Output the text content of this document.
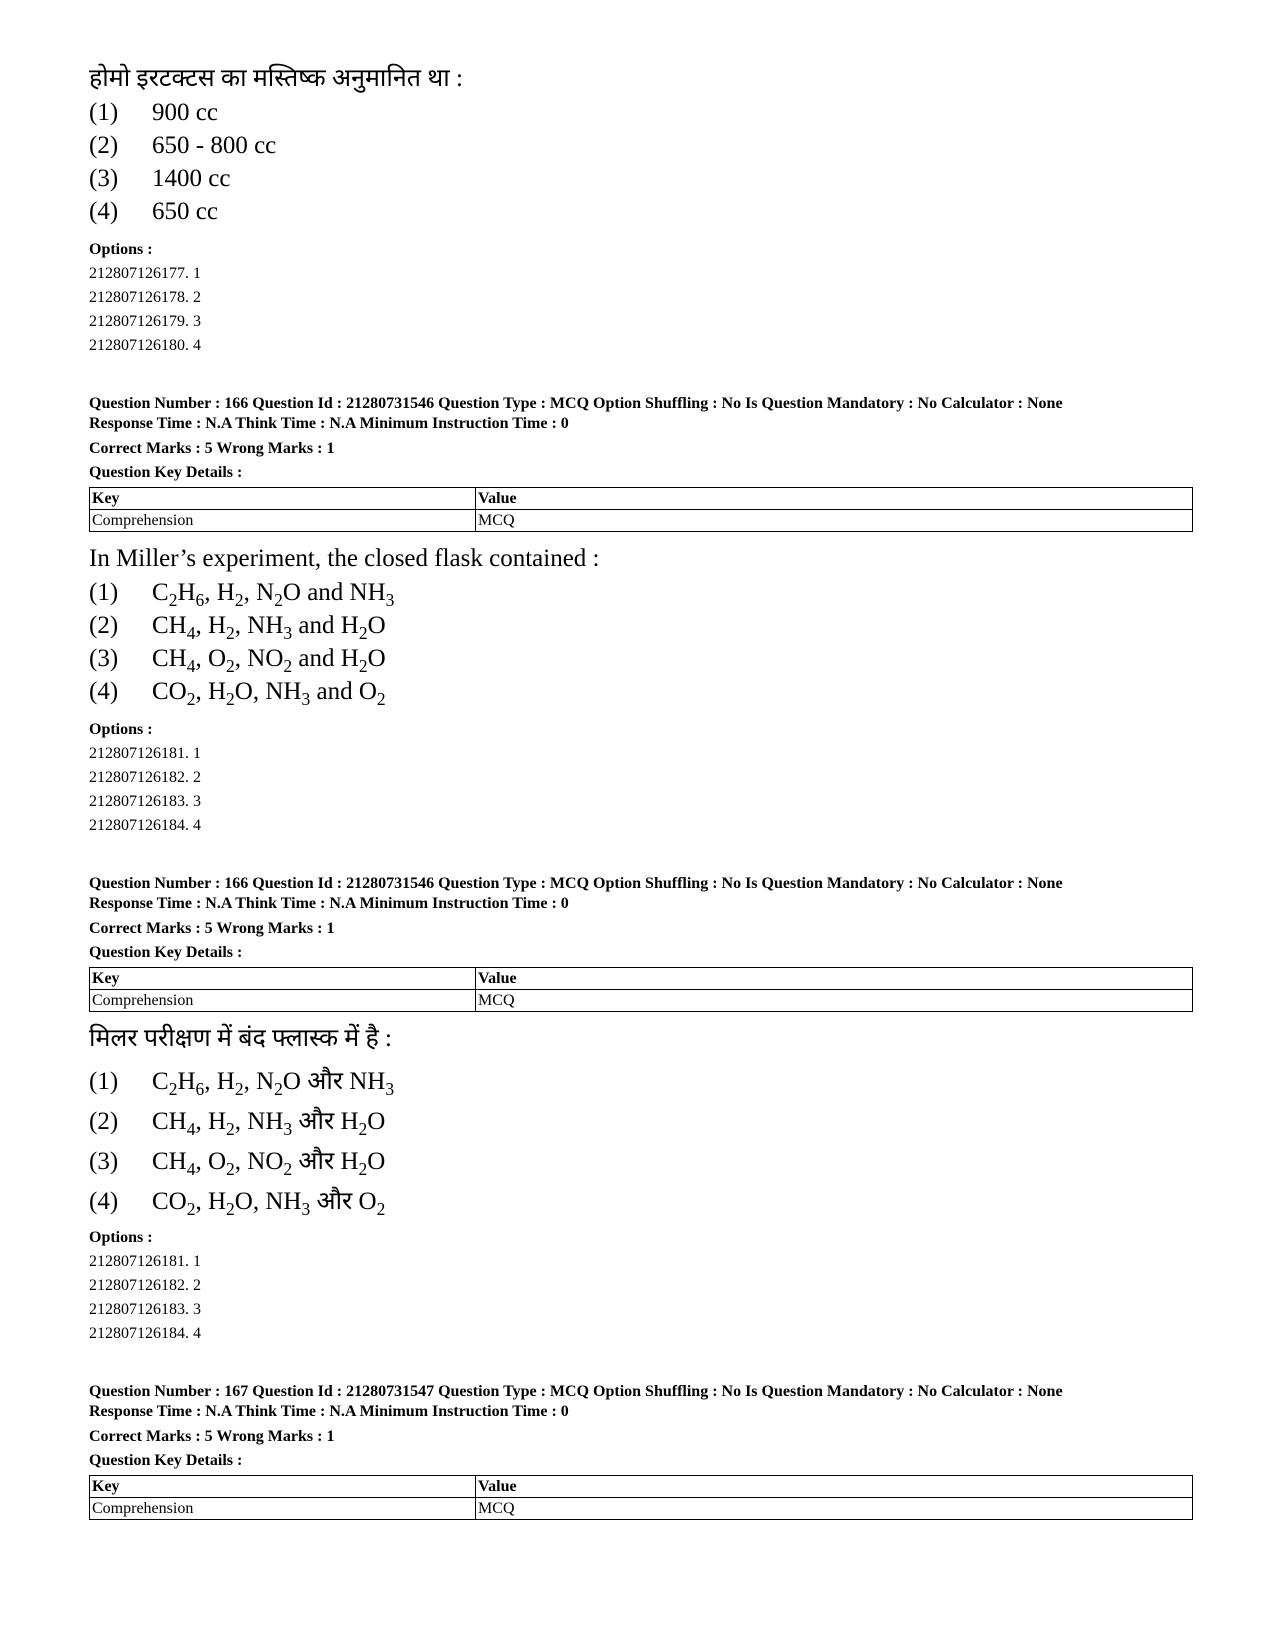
होमो इरटक्टस का मस्तिष्क अनुमानित था :
(1)	900 cc
(2)	650 - 800 cc
(3)	1400 cc
(4)	650 cc
Options :
212807126177. 1
212807126178. 2
212807126179. 3
212807126180. 4
Question Number : 166 Question Id : 21280731546 Question Type : MCQ Option Shuffling : No Is Question Mandatory : No Calculator : None
Response Time : N.A Think Time : N.A Minimum Instruction Time : 0
Correct Marks : 5 Wrong Marks : 1
Question Key Details :
Key	Value
Comprehension	MCQ
In Miller’s experiment, the closed flask contained :
(1)	$C_2H_6$, $H_2$, $N_2O$ and $NH_3$
(2)	$CH_4$, $H_2$, $NH_3$ and $H_2O$
(3)	$CH_4$, $O_2$, $NO_2$ and $H_2O$
(4)	$CO_2$, $H_2O$, $NH_3$ and $O_2$
Options :
212807126181. 1
212807126182. 2
212807126183. 3
212807126184. 4
Question Number : 166 Question Id : 21280731546 Question Type : MCQ Option Shuffling : No Is Question Mandatory : No Calculator : None
Response Time : N.A Think Time : N.A Minimum Instruction Time : 0
Correct Marks : 5 Wrong Marks : 1
Question Key Details :
Key	Value
Comprehension	MCQ
मिलर परीक्षण में बंद फ्लास्क में है :
(1)	$C_2H_6$, $H_2$, $N_2O$ और $NH_3$
(2)	$CH_4$, $H_2$, $NH_3$ और $H_2O$
(3)	$CH_4$, $O_2$, $NO_2$ और $H_2O$
(4)	$CO_2$, $H_2O$, $NH_3$ और $O_2$
Options :
212807126181. 1
212807126182. 2
212807126183. 3
212807126184. 4
Question Number : 167 Question Id : 21280731547 Question Type : MCQ Option Shuffling : No Is Question Mandatory : No Calculator : None
Response Time : N.A Think Time : N.A Minimum Instruction Time : 0
Correct Marks : 5 Wrong Marks : 1
Question Key Details :
Key	Value
Comprehension	MCQ
